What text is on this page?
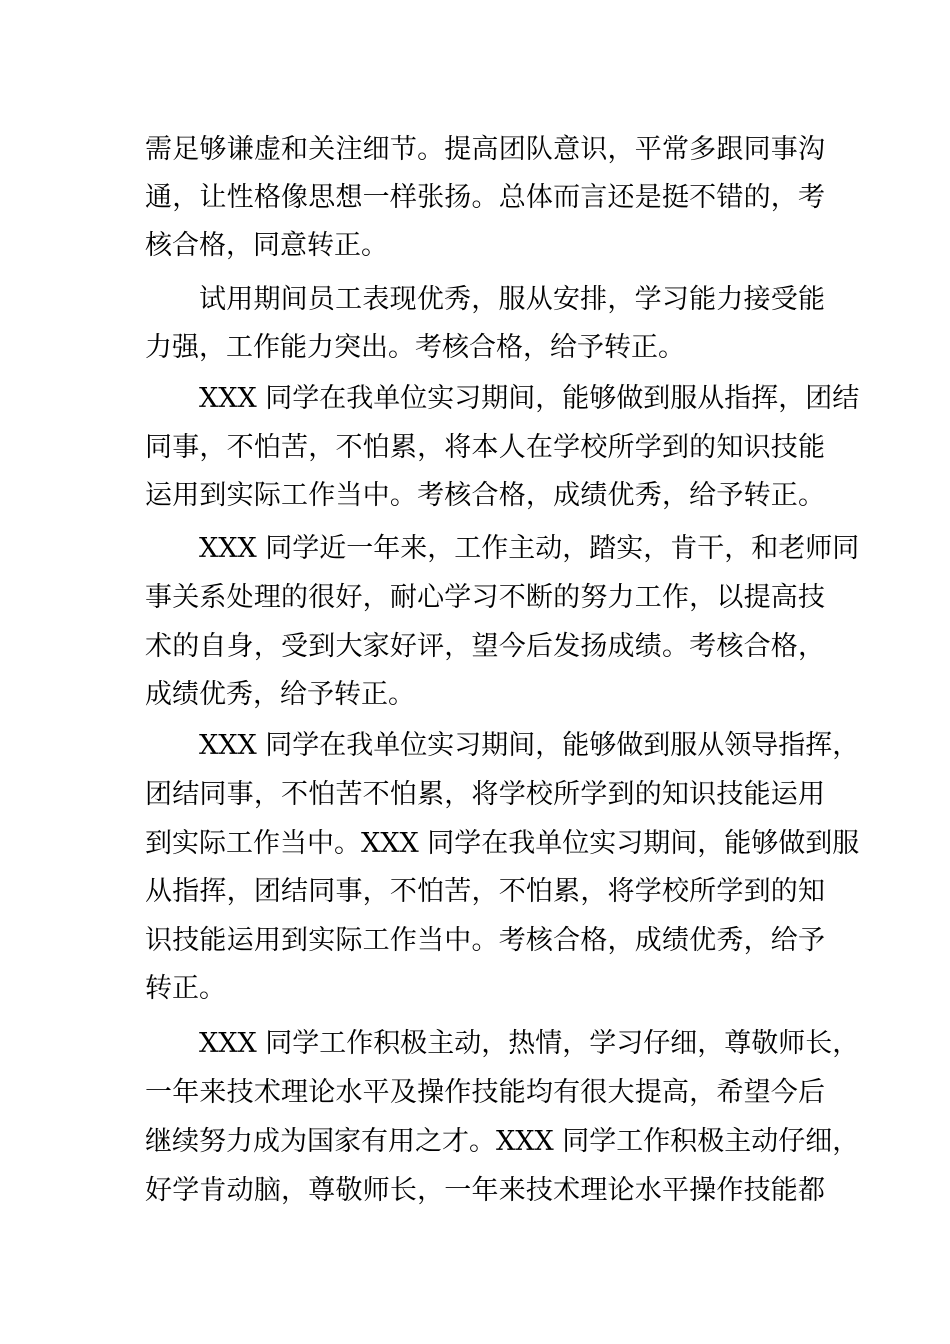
需足够谦虚和关注细节。提高团队意识，平常多跟同事沟
通，让性格像思想一样张扬。总体而言还是挺不错的，考
核合格，同意转正。
试用期间员工表现优秀，服从安排，学习能力接受能
力强，工作能力突出。考核合格，给予转正。
XXX 同学在我单位实习期间，能够做到服从指挥，团结
同事，不怕苦，不怕累，将本人在学校所学到的知识技能
运用到实际工作当中。考核合格，成绩优秀，给予转正。
XXX 同学近一年来，工作主动，踏实，肯干，和老师同
事关系处理的很好，耐心学习不断的努力工作，以提高技
术的自身，受到大家好评，望今后发扬成绩。考核合格，
成绩优秀，给予转正。
XXX 同学在我单位实习期间，能够做到服从领导指挥，
团结同事，不怕苦不怕累，将学校所学到的知识技能运用
到实际工作当中。XXX 同学在我单位实习期间，能够做到服
从指挥，团结同事，不怕苦，不怕累，将学校所学到的知
识技能运用到实际工作当中。考核合格，成绩优秀，给予
转正。
XXX 同学工作积极主动，热情，学习仔细，尊敬师长，
一年来技术理论水平及操作技能均有很大提高，希望今后
继续努力成为国家有用之才。XXX 同学工作积极主动仔细，
好学肯动脑，尊敬师长，一年来技术理论水平操作技能都
